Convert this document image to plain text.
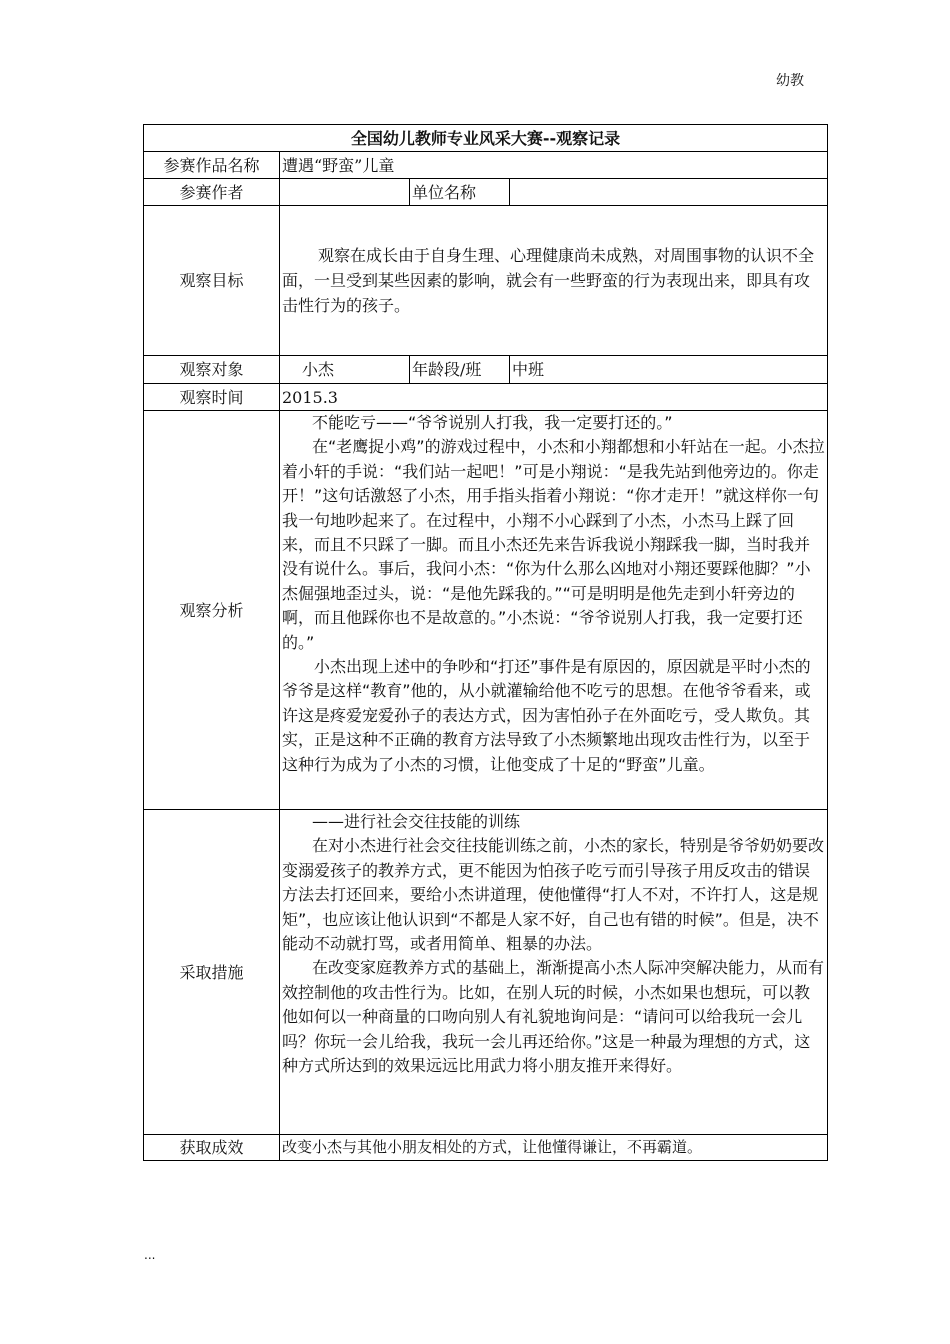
幼教
全国幼儿教师专业风采大赛--观察记录			
参赛作品名称	遭遇“野蛮”儿童		
参赛作者		单位名称	
观察目标	观察在成长由于自身生理、心理健康尚未成熟，对周围事物的认识不全面，一旦受到某些因素的影响，就会有一些野蛮的行为表现出来，即具有攻击性行为的孩子。		

观察对象	小杰	年龄段/班	中班
观察时间	2015.3		
观察分析	不能吃亏——“爷爷说别人打我，我一定要打还的。”

在“老鹰捉小鸡”的游戏过程中，小杰和小翔都想和小轩站在一起。小杰拉着小轩的手说：“我们站一起吧！”可是小翔说：“是我先站到他旁边的。你走开！”这句话激怒了小杰，用手指头指着小翔说：“你才走开！”就这样你一句我一句地吵起来了。在过程中，小翔不小心踩到了小杰，小杰马上踩了回来，而且不只踩了一脚。而且小杰还先来告诉我说小翔踩我一脚，当时我并没有说什么。事后，我问小杰：“你为什么那么凶地对小翔还要踩他脚？”小杰倔强地歪过头，说：“是他先踩我的。”“可是明明是他先走到小轩旁边的啊，而且他踩你也不是故意的。”小杰说：“爷爷说别人打我，我一定要打还的。”

小杰出现上述中的争吵和“打还”事件是有原因的，原因就是平时小杰的爷爷是这样“教育”他的，从小就灌输给他不吃亏的思想。在他爷爷看来，或许这是疼爱宠爱孙子的表达方式，因为害怕孙子在外面吃亏，受人欺负。其实，正是这种不正确的教育方法导致了小杰频繁地出现攻击性行为，以至于这种行为成为了小杰的习惯，让他变成了十足的“野蛮”儿童。		

采取措施	——进行社会交往技能的训练

在对小杰进行社会交往技能训练之前，小杰的家长，特别是爷爷奶奶要改变溺爱孩子的教养方式，更不能因为怕孩子吃亏而引导孩子用反攻击的错误方法去打还回来，要给小杰讲道理，使他懂得“打人不对，不许打人，这是规矩”，也应该让他认识到“不都是人家不好，自己也有错的时候”。但是，决不能动不动就打骂，或者用简单、粗暴的办法。

在改变家庭教养方式的基础上，渐渐提高小杰人际冲突解决能力，从而有效控制他的攻击性行为。比如，在别人玩的时候，小杰如果也想玩，可以教他如何以一种商量的口吻向别人有礼貌地询问是：“请问可以给我玩一会儿吗？你玩一会儿给我，我玩一会儿再还给你。”这是一种最为理想的方式，这种方式所达到的效果远远比用武力将小朋友推开来得好。		

获取成效	改变小杰与其他小朋友相处的方式，让他懂得谦让，不再霸道。		
...
